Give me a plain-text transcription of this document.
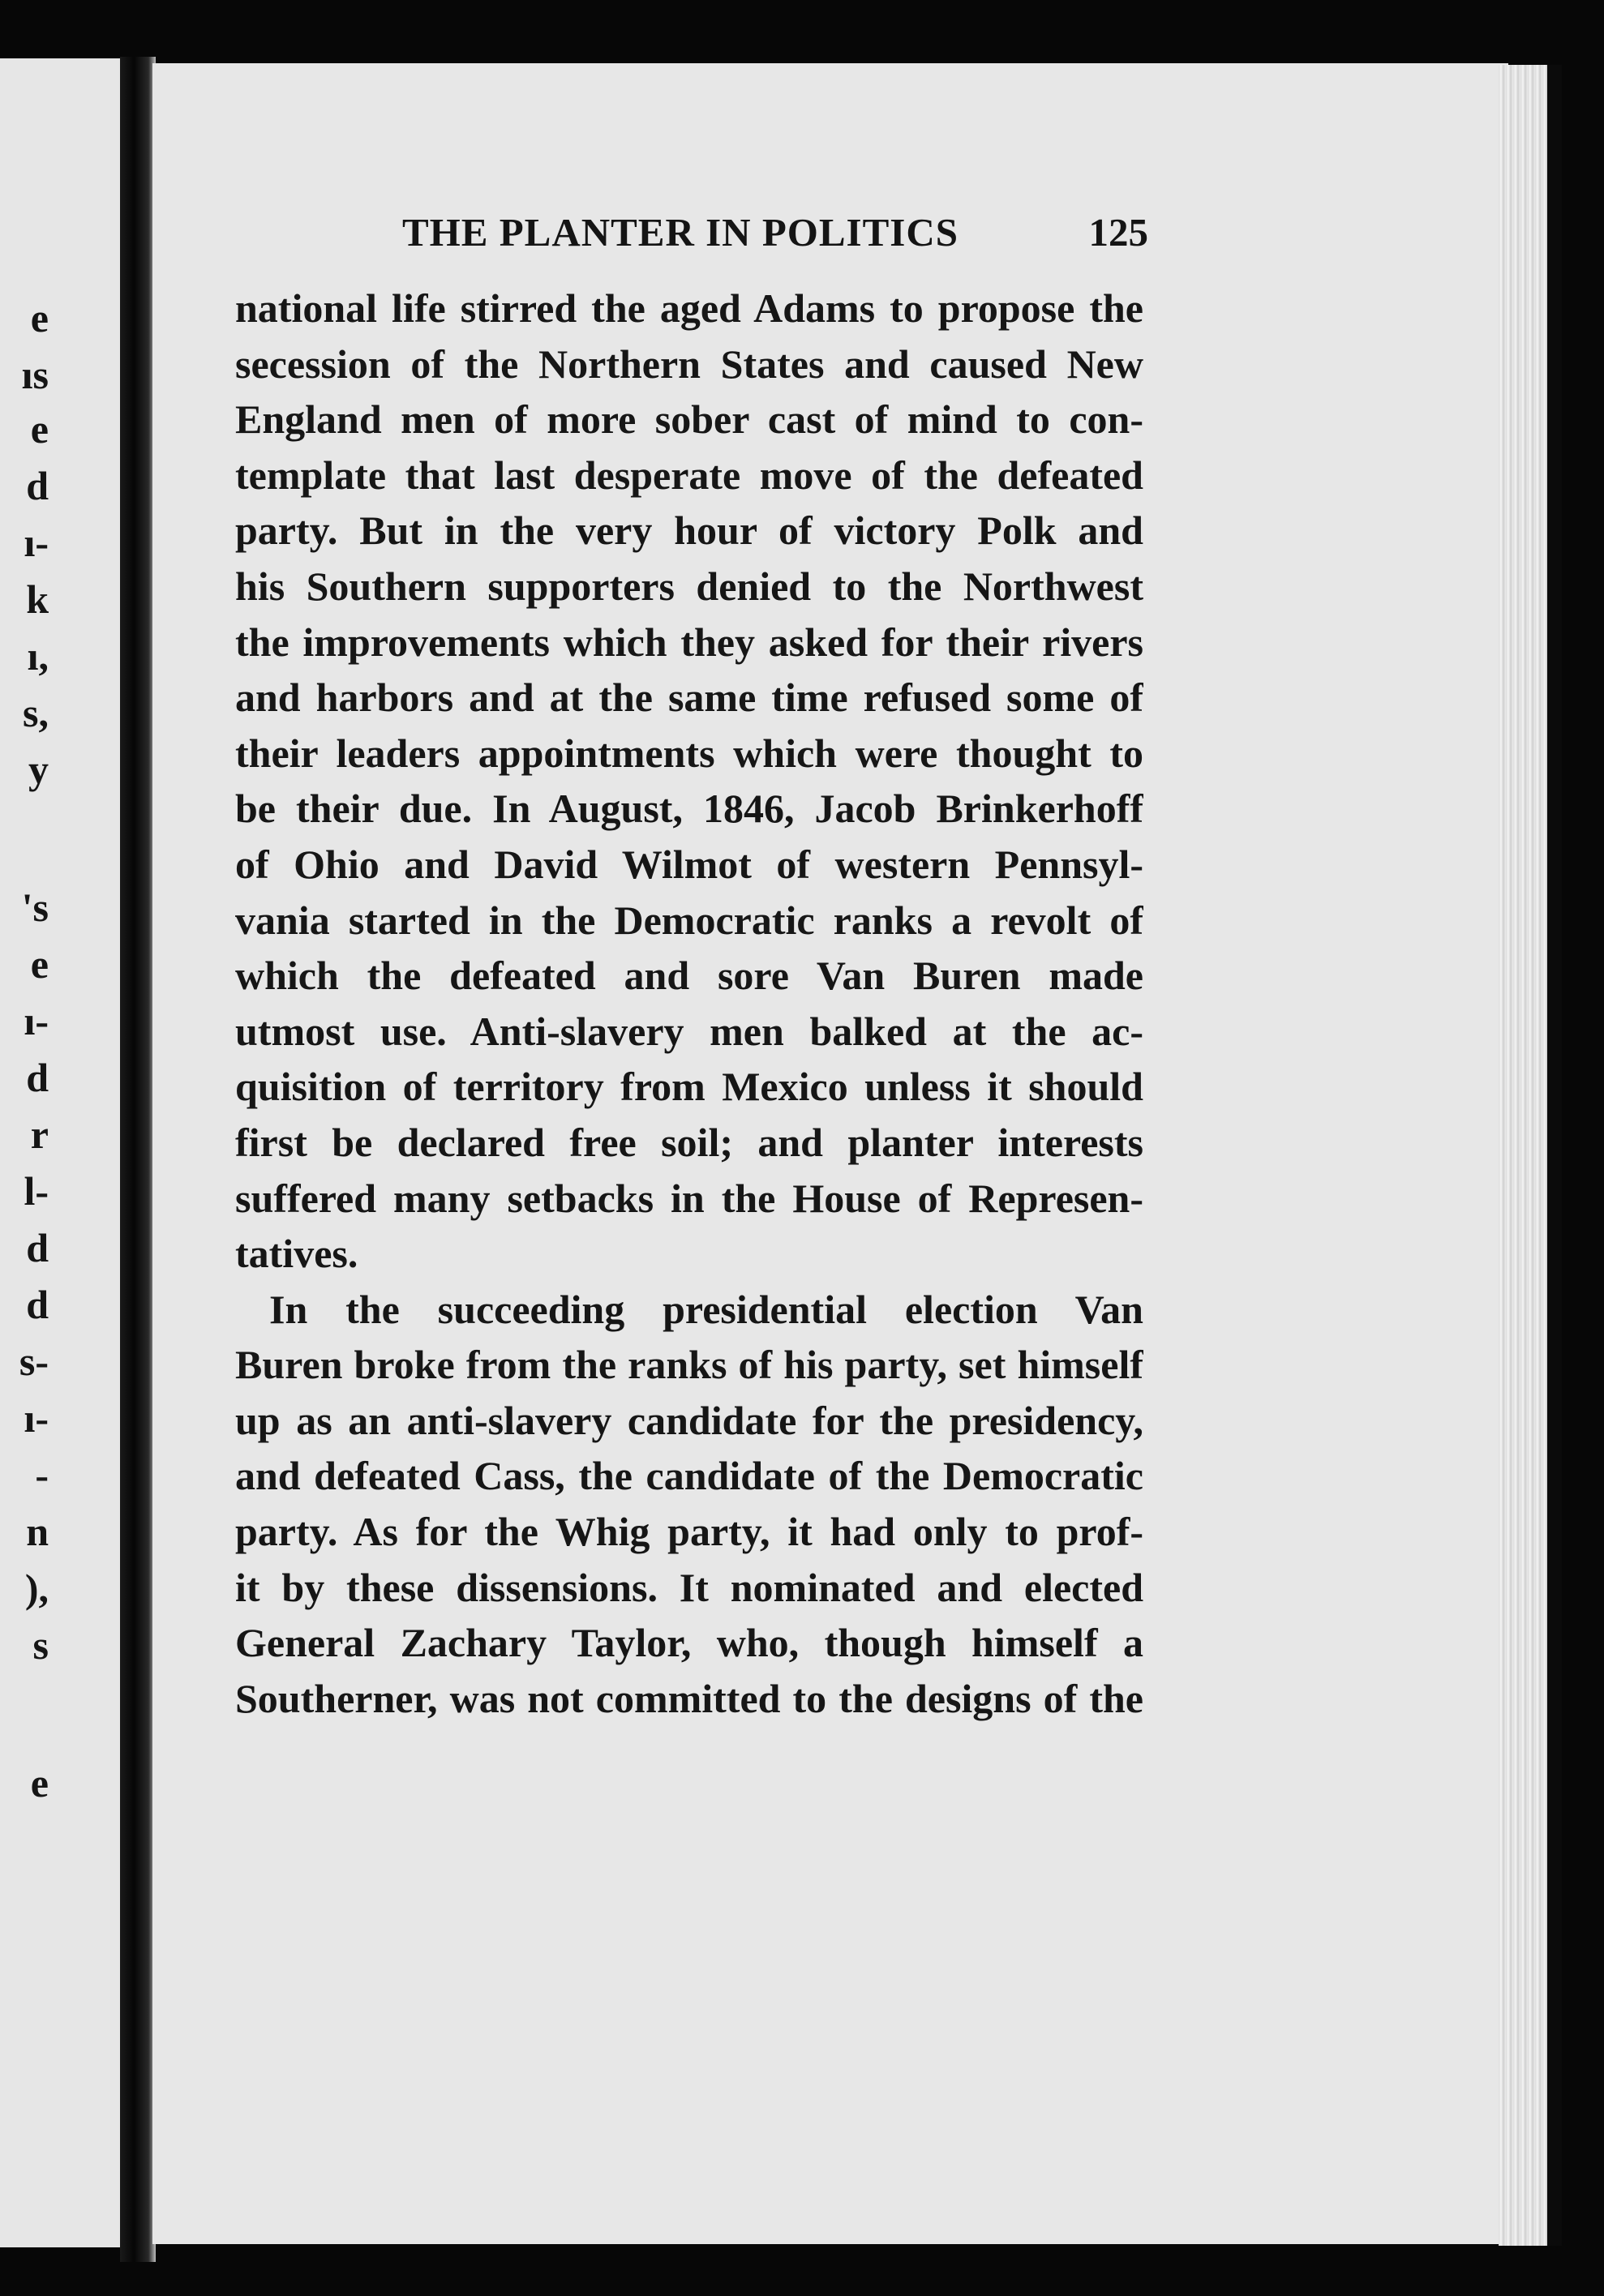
e
ıs
e
d
ı-
k
ı,
s,
y
's
e
ı-
d
r
l-
d
d
s-
ı-
-
n
),
s
e
THE PLANTER IN POLITICS	125
national life stirred the aged Adams to propose the
secession of the Northern States and caused New
England men of more sober cast of mind to con-
template that last desperate move of the defeated
party. But in the very hour of victory Polk and
his Southern supporters denied to the Northwest
the improvements which they asked for their rivers
and harbors and at the same time refused some of
their leaders appointments which were thought to
be their due. In August, 1846, Jacob Brinkerhoff
of Ohio and David Wilmot of western Pennsyl-
vania started in the Democratic ranks a revolt of
which the defeated and sore Van Buren made
utmost use. Anti-slavery men balked at the ac-
quisition of territory from Mexico unless it should
first be declared free soil; and planter interests
suffered many setbacks in the House of Represen-
tatives.
In the succeeding presidential election Van
Buren broke from the ranks of his party, set himself
up as an anti-slavery candidate for the presidency,
and defeated Cass, the candidate of the Democratic
party. As for the Whig party, it had only to prof-
it by these dissensions. It nominated and elected
General Zachary Taylor, who, though himself a
Southerner, was not committed to the designs of the
